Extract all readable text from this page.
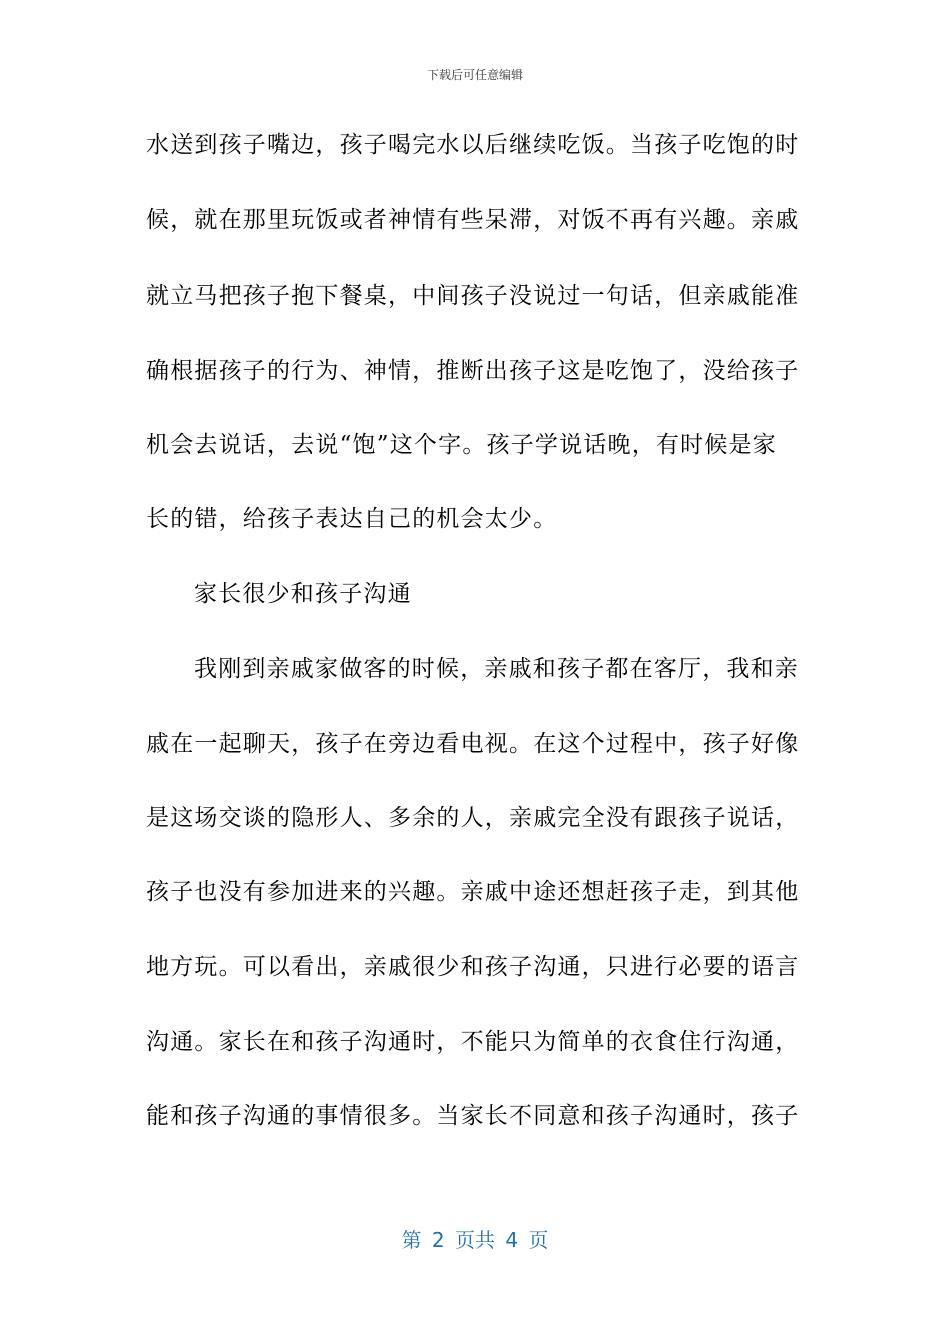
下载后可任意编辑
水送到孩子嘴边，孩子喝完水以后继续吃饭。当孩子吃饱的时
候，就在那里玩饭或者神情有些呆滞，对饭不再有兴趣。亲戚
就立马把孩子抱下餐桌，中间孩子没说过一句话，但亲戚能准
确根据孩子的行为、神情，推断出孩子这是吃饱了，没给孩子
机会去说话，去说“饱”这个字。孩子学说话晚，有时候是家
长的错，给孩子表达自己的机会太少。
家长很少和孩子沟通
我刚到亲戚家做客的时候，亲戚和孩子都在客厅，我和亲
戚在一起聊天，孩子在旁边看电视。在这个过程中，孩子好像
是这场交谈的隐形人、多余的人，亲戚完全没有跟孩子说话，
孩子也没有参加进来的兴趣。亲戚中途还想赶孩子走，到其他
地方玩。可以看出，亲戚很少和孩子沟通，只进行必要的语言
沟通。家长在和孩子沟通时，不能只为简单的衣食住行沟通，
能和孩子沟通的事情很多。当家长不同意和孩子沟通时，孩子
第 2 页共 4 页
